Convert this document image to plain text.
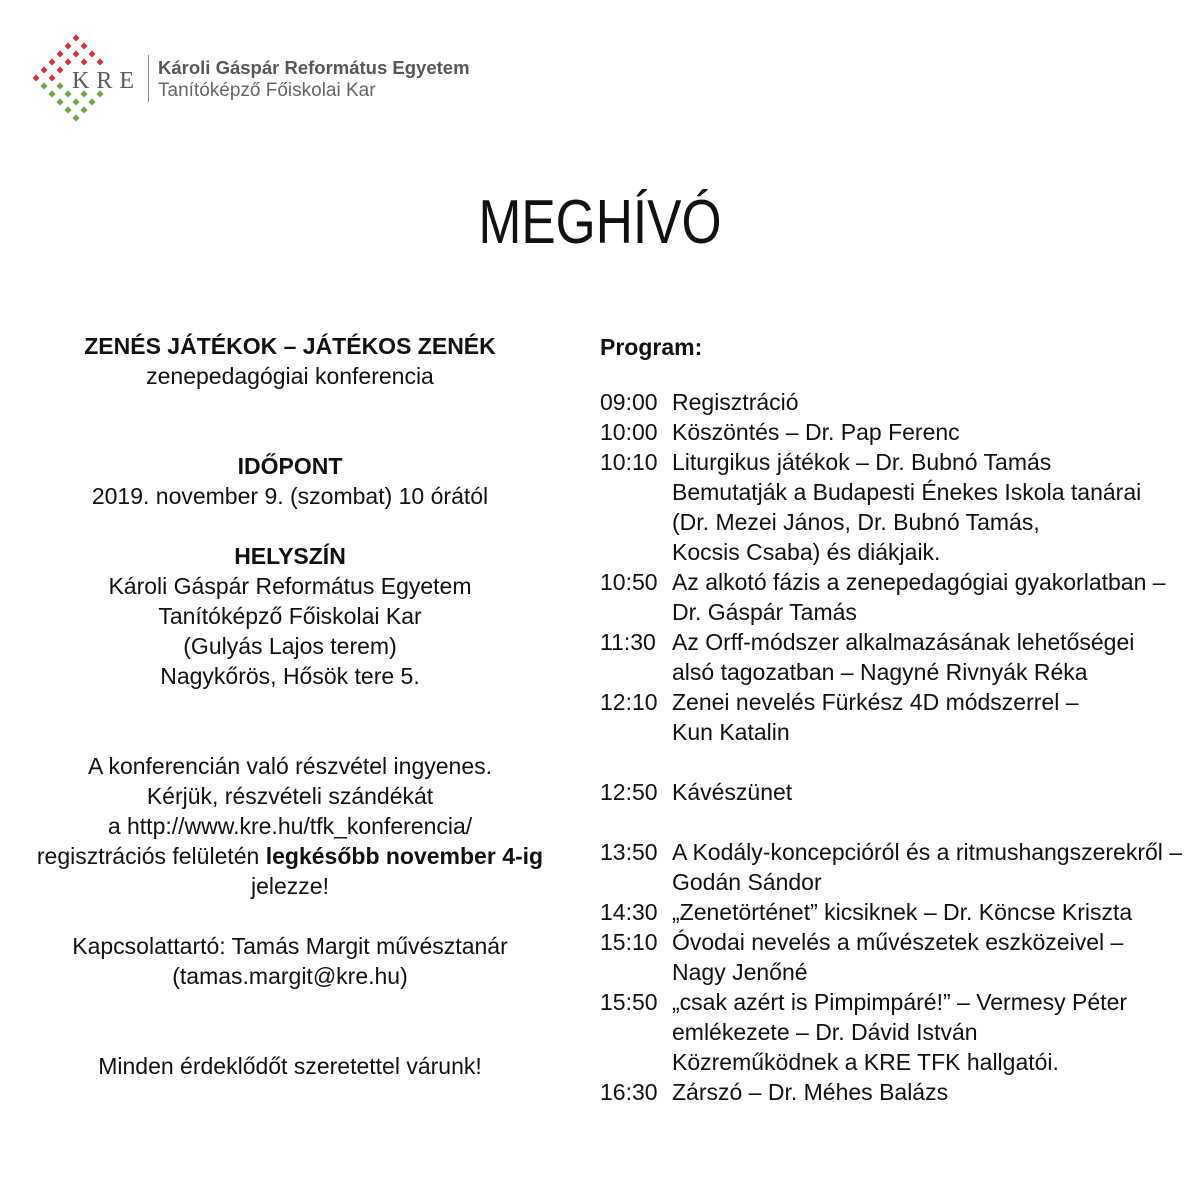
KRE
Károli Gáspár Református Egyetem
Tanítóképző Főiskolai Kar
MEGHÍVÓ
ZENÉS JÁTÉKOK – JÁTÉKOS ZENÉK
zenepedagógiai konferencia
IDŐPONT
2019. november 9. (szombat) 10 órától
HELYSZÍN
Károli Gáspár Református Egyetem
Tanítóképző Főiskolai Kar
(Gulyás Lajos terem)
Nagykőrös, Hősök tere 5.
A konferencián való részvétel ingyenes.
Kérjük, részvételi szándékát
a http://www.kre.hu/tfk_konferencia/
regisztrációs felületén legkésőbb november 4-ig
jelezze!
Kapcsolattartó: Tamás Margit művésztanár
(tamas.margit@kre.hu)
Minden érdeklődőt szeretettel várunk!
Program:
09:00 Regisztráció
10:00 Köszöntés – Dr. Pap Ferenc
10:10 Liturgikus játékok – Dr. Bubnó Tamás
Bemutatják a Budapesti Énekes Iskola tanárai
(Dr. Mezei János, Dr. Bubnó Tamás,
Kocsis Csaba) és diákjaik.
10:50 Az alkotó fázis a zenepedagógiai gyakorlatban –
Dr. Gáspár Tamás
11:30 Az Orff-módszer alkalmazásának lehetőségei
alsó tagozatban – Nagyné Rivnyák Réka
12:10 Zenei nevelés Fürkész 4D módszerrel –
Kun Katalin
12:50 Kávészünet
13:50 A Kodály-koncepcióról és a ritmushangszerekről –
Godán Sándor
14:30 „Zenetörténet” kicsiknek – Dr. Köncse Kriszta
15:10 Óvodai nevelés a művészetek eszközeivel –
Nagy Jenőné
15:50 „csak azért is Pimpimpáré!” – Vermesy Péter
emlékezete – Dr. Dávid István
Közreműködnek a KRE TFK hallgatói.
16:30 Zárszó – Dr. Méhes Balázs
